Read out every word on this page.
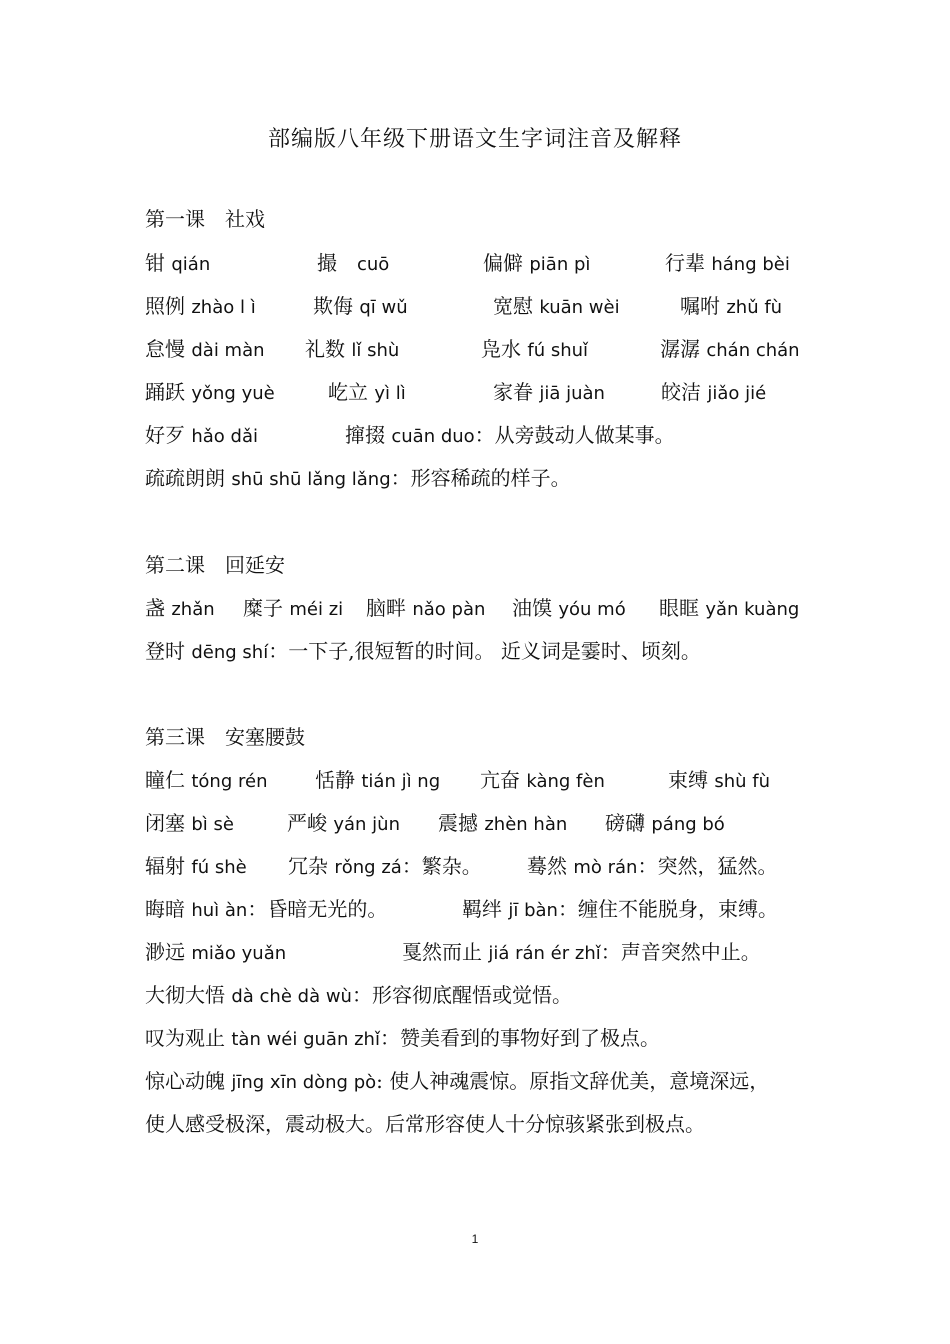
部编版八年级下册语文生字词注音及解释
第一课　社戏
钳 qián	撮　 cuō	偏僻 piān pì	行辈 háng bèi
照例 zhào l ì	欺侮 qī wǔ	宽慰 kuān wèi	嘱咐 zhǔ fù
怠慢 dài màn 礼数 lǐ shù	凫水 fú shuǐ	潺潺 chán chán
踊跃 yǒng yuè	屹立 yì lì	家眷 jiā juàn	皎洁 jiǎo jié
好歹 hǎo dǎi	撺掇 cuān duo：从旁鼓动人做某事。
疏疏朗朗 shū shū lǎng lǎng：形容稀疏的样子。
第二课　回延安
盏 zhǎn 糜子 méi zi 脑畔 nǎo pàn 油馍 yóu mó 眼眶 yǎn kuàng
登时 dēng shí：一下子,很短暂的时间。 近义词是霎时、顷刻。
第三课　安塞腰鼓
瞳仁 tóng rén 恬静 tián jì ng 亢奋 kàng fèn	束缚 shù fù
闭塞 bì sè	严峻 yán jùn 震撼 zhèn hàn 磅礴 páng bó
辐射 fú shè 冗杂 rǒng zá：繁杂。 蓦然 mò rán：突然，猛然。
晦暗 huì àn：昏暗无光的。	羁绊 jī bàn：缠住不能脱身，束缚。
渺远 miǎo yuǎn	戛然而止 jiá rán ér zhǐ：声音突然中止。
大彻大悟 dà chè dà wù：形容彻底醒悟或觉悟。
叹为观止 tàn wéi guān zhǐ：赞美看到的事物好到了极点。
惊心动魄 jīng xīn dòng pò: 使人神魂震惊。原指文辞优美，意境深远，
使人感受极深，震动极大。后常形容使人十分惊骇紧张到极点。
1
